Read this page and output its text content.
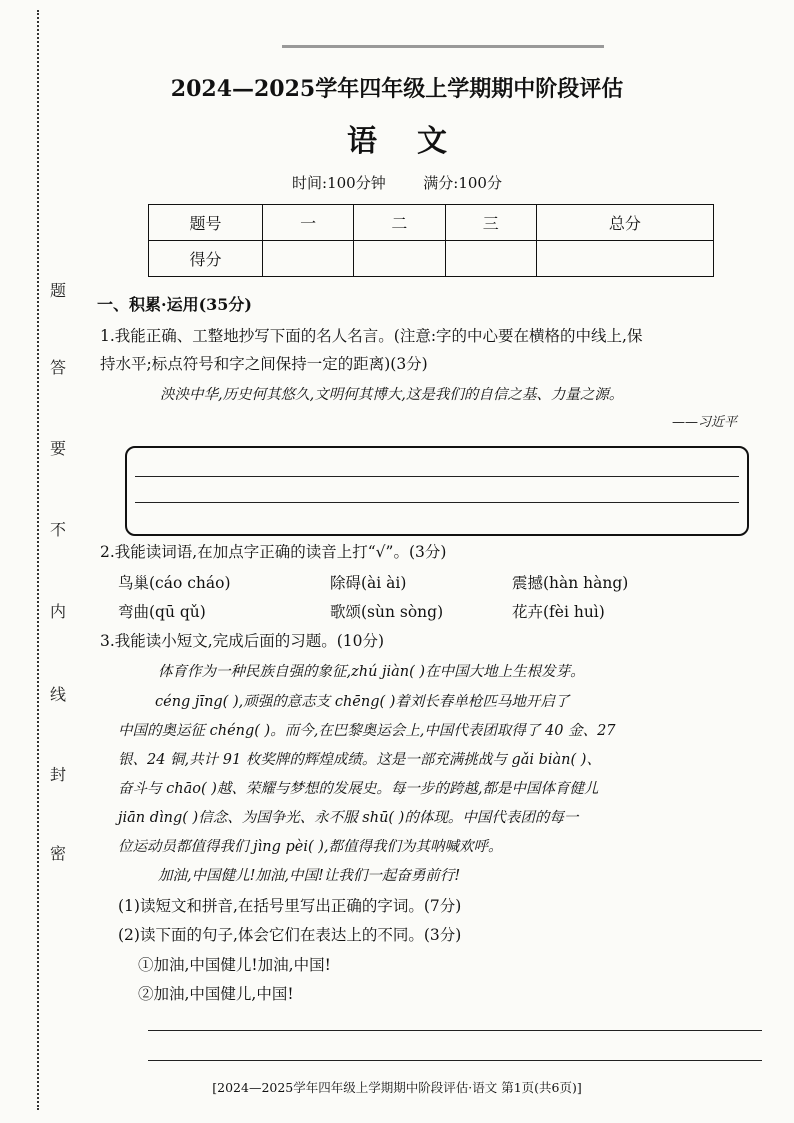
题
答
要
不
内
线
封
密
2024—2025学年四年级上学期期中阶段评估
语文
时间:100分钟	满分:100分
题号	一	二	三	总分
得分				
一、积累·运用(35分)
1.我能正确、工整地抄写下面的名人名言。(注意:字的中心要在横格的中线上,保
持水平;标点符号和字之间保持一定的距离)(3分)
泱泱中华,历史何其悠久,文明何其博大,这是我们的自信之基、力量之源。
——习近平
2.我能读词语,在加点字正确的读音上打“√”。(3分)
鸟巢(cáo cháo)	除碍(ài ài)	震撼(hàn hàng)
弯曲(qū qǔ)	歌颂(sùn sòng)	花卉(fèi huì)
3.我能读小短文,完成后面的习题。(10分)
体育作为一种民族自强的象征,zhú jiàn( )在中国大地上生根发芽。
céng jīng( ),顽强的意志支 chēng( )着刘长春单枪匹马地开启了
中国的奥运征 chéng( )。而今,在巴黎奥运会上,中国代表团取得了 40 金、27
银、24 铜,共计 91 枚奖牌的辉煌成绩。这是一部充满挑战与 gǎi biàn( )、
奋斗与 chāo( )越、荣耀与梦想的发展史。每一步的跨越,都是中国体育健儿
jiān dìng( )信念、为国争光、永不服 shū( )的体现。中国代表团的每一
位运动员都值得我们 jìng pèi( ),都值得我们为其呐喊欢呼。
加油,中国健儿!加油,中国!让我们一起奋勇前行!
(1)读短文和拼音,在括号里写出正确的字词。(7分)
(2)读下面的句子,体会它们在表达上的不同。(3分)
①加油,中国健儿!加油,中国!
②加油,中国健儿,中国!
[2024—2025学年四年级上学期期中阶段评估·语文 第1页(共6页)]
